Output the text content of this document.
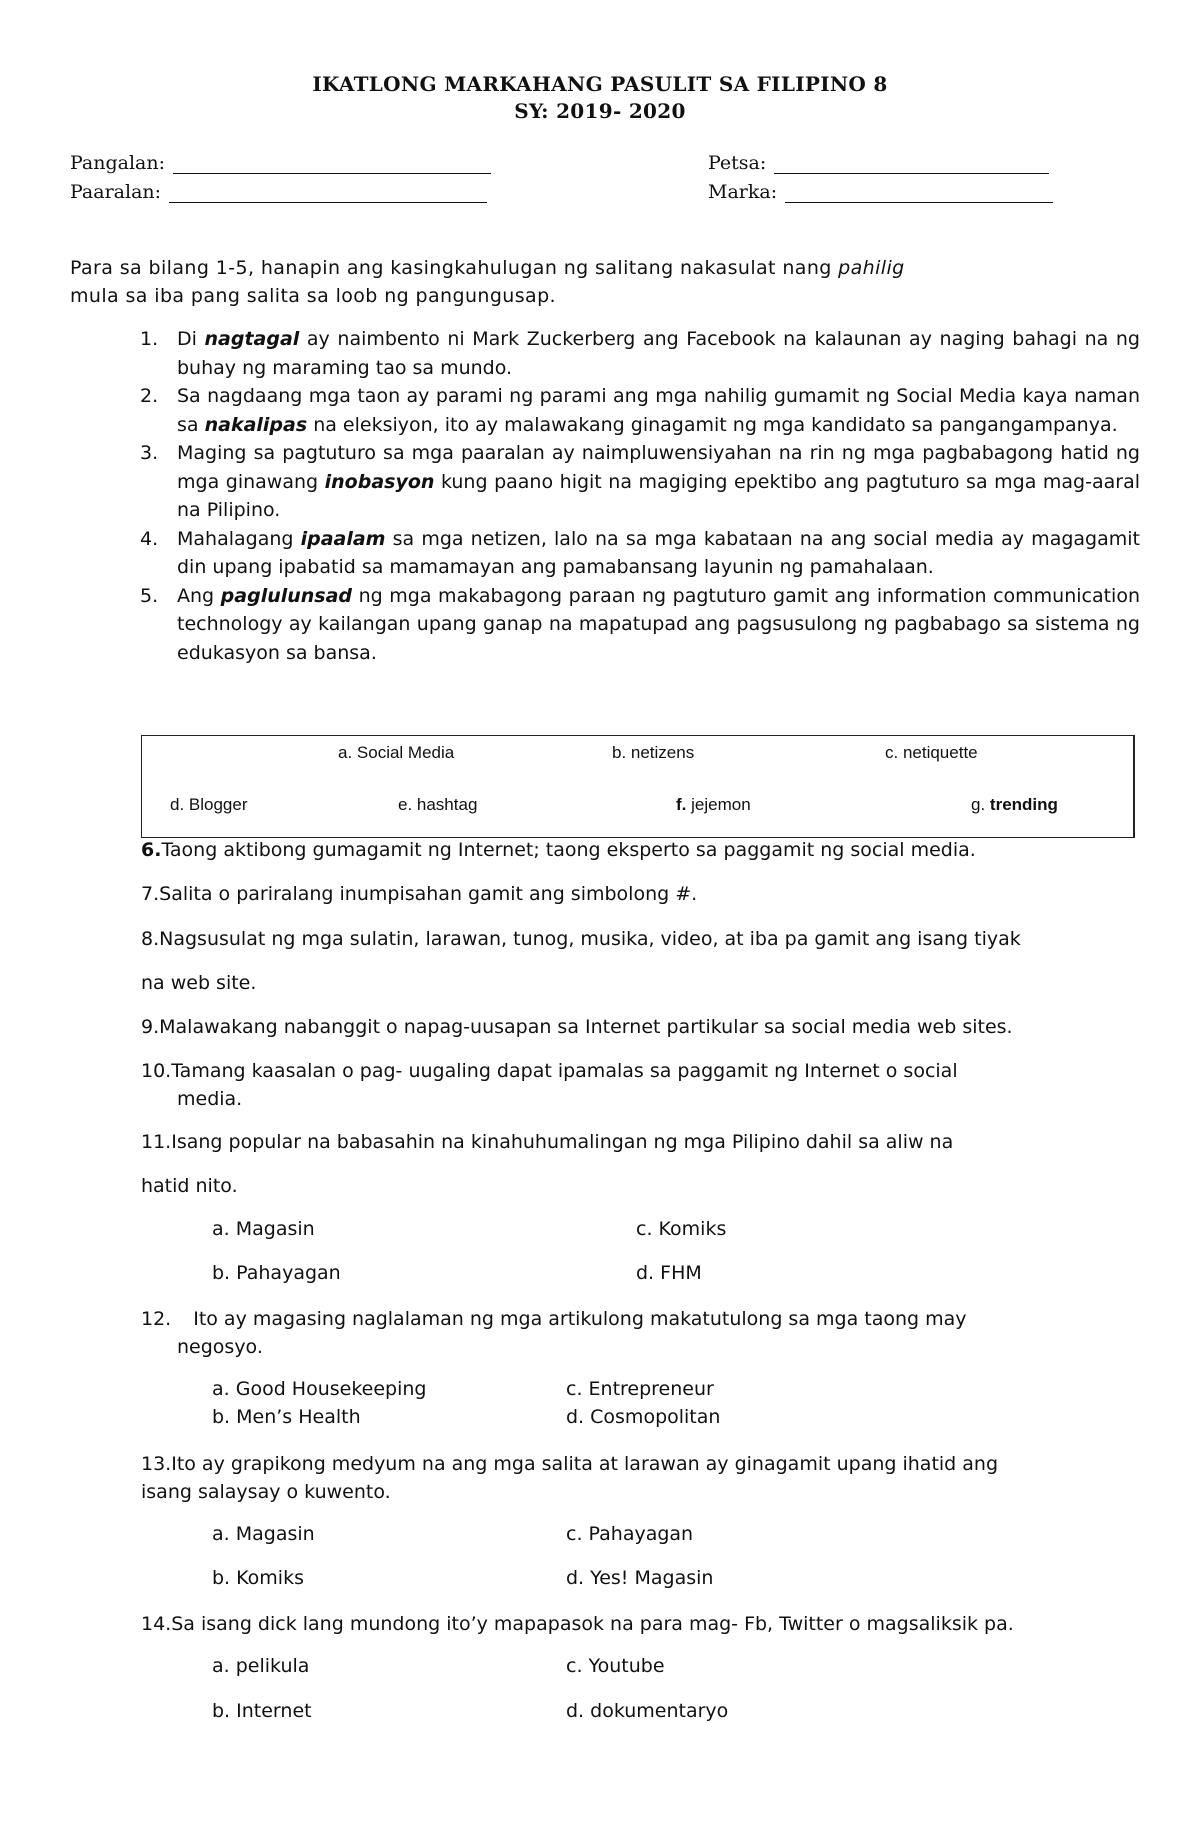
IKATLONG MARKAHANG PASULIT SA FILIPINO 8
SY: 2019- 2020
Pangalan:	Petsa:
Paaralan:	Marka:
Para sa bilang 1-5, hanapin ang kasingkahulugan ng salitang nakasulat nang pahilig
mula sa iba pang salita sa loob ng pangungusap.
1. Di nagtagal ay naimbento ni Mark Zuckerberg ang Facebook na kalaunan ay naging bahagi na ng buhay ng maraming tao sa mundo.
2. Sa nagdaang mga taon ay parami ng parami ang mga nahilig gumamit ng Social Media kaya naman sa nakalipas na eleksiyon, ito ay malawakang ginagamit ng mga kandidato sa pangangampanya.
3. Maging sa pagtuturo sa mga paaralan ay naimpluwensiyahan na rin ng mga pagbabagong hatid ng mga ginawang inobasyon kung paano higit na magiging epektibo ang pagtuturo sa mga mag-aaral na Pilipino.
4. Mahalagang ipaalam sa mga netizen, lalo na sa mga kabataan na ang social media ay magagamit din upang ipabatid sa mamamayan ang pamabansang layunin ng pamahalaan.
5. Ang paglulunsad ng mga makabagong paraan ng pagtuturo gamit ang information communication technology ay kailangan upang ganap na mapatupad ang pagsusulong ng pagbabago sa sistema ng edukasyon sa bansa.
a. Social Media	b. netizens	c. netiquette
d. Blogger	e. hashtag	f. jejemon	g. trending
6.Taong aktibong gumagamit ng Internet; taong eksperto sa paggamit ng social media.
7.Salita o pariralang inumpisahan gamit ang simbolong #.
8.Nagsusulat ng mga sulatin, larawan, tunog, musika, video, at iba pa gamit ang isang tiyak
na web site.
9.Malawakang nabanggit o napag-uusapan sa Internet partikular sa social media web sites.
10.Tamang kaasalan o pag- uugaling dapat ipamalas sa paggamit ng Internet o social
media.
11.Isang popular na babasahin na kinahuhumalingan ng mga Pilipino dahil sa aliw na
hatid nito.
a. Magasin	c. Komiks
b. Pahayagan	d. FHM
12. Ito ay magasing naglalaman ng mga artikulong makatutulong sa mga taong may
negosyo.
a. Good Housekeeping	c. Entrepreneur
b. Men’s Health	d. Cosmopolitan
13.Ito ay grapikong medyum na ang mga salita at larawan ay ginagamit upang ihatid ang
isang salaysay o kuwento.
a. Magasin	c. Pahayagan
b. Komiks	d. Yes! Magasin
14.Sa isang dick lang mundong ito’y mapapasok na para mag- Fb, Twitter o magsaliksik pa.
a. pelikula	c. Youtube
b. Internet	d. dokumentaryo
